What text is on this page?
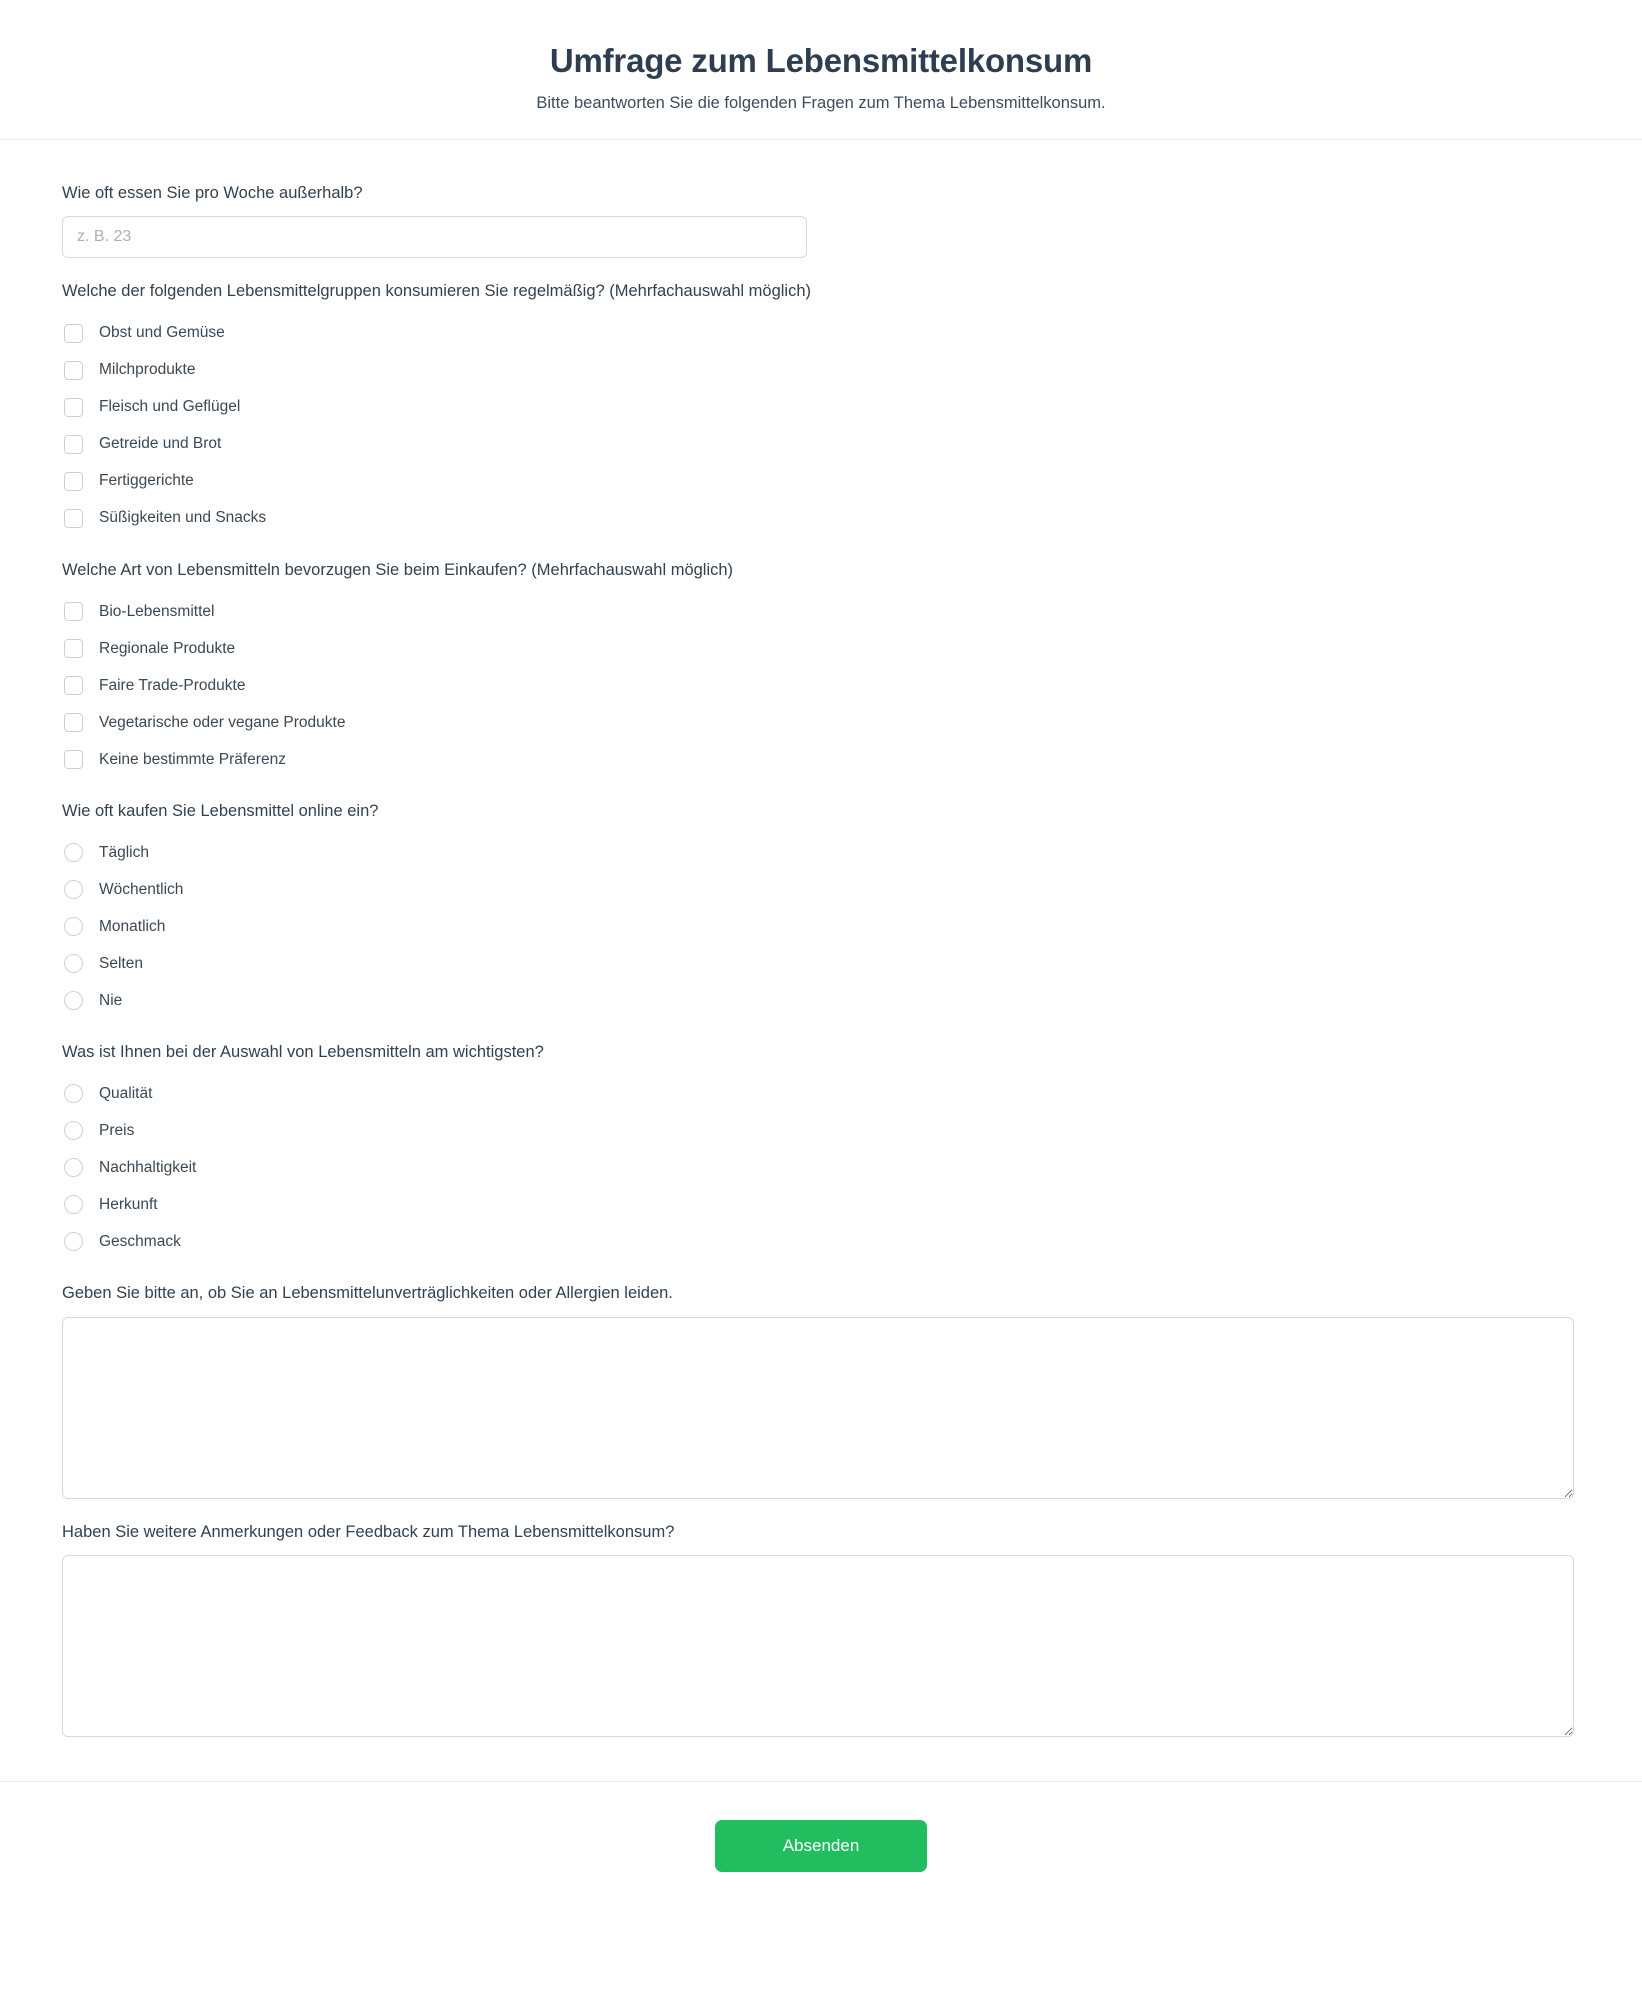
Umfrage zum Lebensmittelkonsum

Bitte beantworten Sie die folgenden Fragen zum Thema Lebensmittelkonsum.

Wie oft essen Sie pro Woche außerhalb?
z. B. 23
Welche der folgenden Lebensmittelgruppen konsumieren Sie regelmäßig? (Mehrfachauswahl möglich)
Obst und Gemüse
Milchprodukte
Fleisch und Geflügel
Getreide und Brot
Fertiggerichte
Süßigkeiten und Snacks
Welche Art von Lebensmitteln bevorzugen Sie beim Einkaufen? (Mehrfachauswahl möglich)
Bio-Lebensmittel
Regionale Produkte
Faire Trade-Produkte
Vegetarische oder vegane Produkte
Keine bestimmte Präferenz
Wie oft kaufen Sie Lebensmittel online ein?
Täglich
Wöchentlich
Monatlich
Selten
Nie
Was ist Ihnen bei der Auswahl von Lebensmitteln am wichtigsten?
Qualität
Preis
Nachhaltigkeit
Herkunft
Geschmack
Geben Sie bitte an, ob Sie an Lebensmittelunverträglichkeiten oder Allergien leiden.
Haben Sie weitere Anmerkungen oder Feedback zum Thema Lebensmittelkonsum?
Absenden
